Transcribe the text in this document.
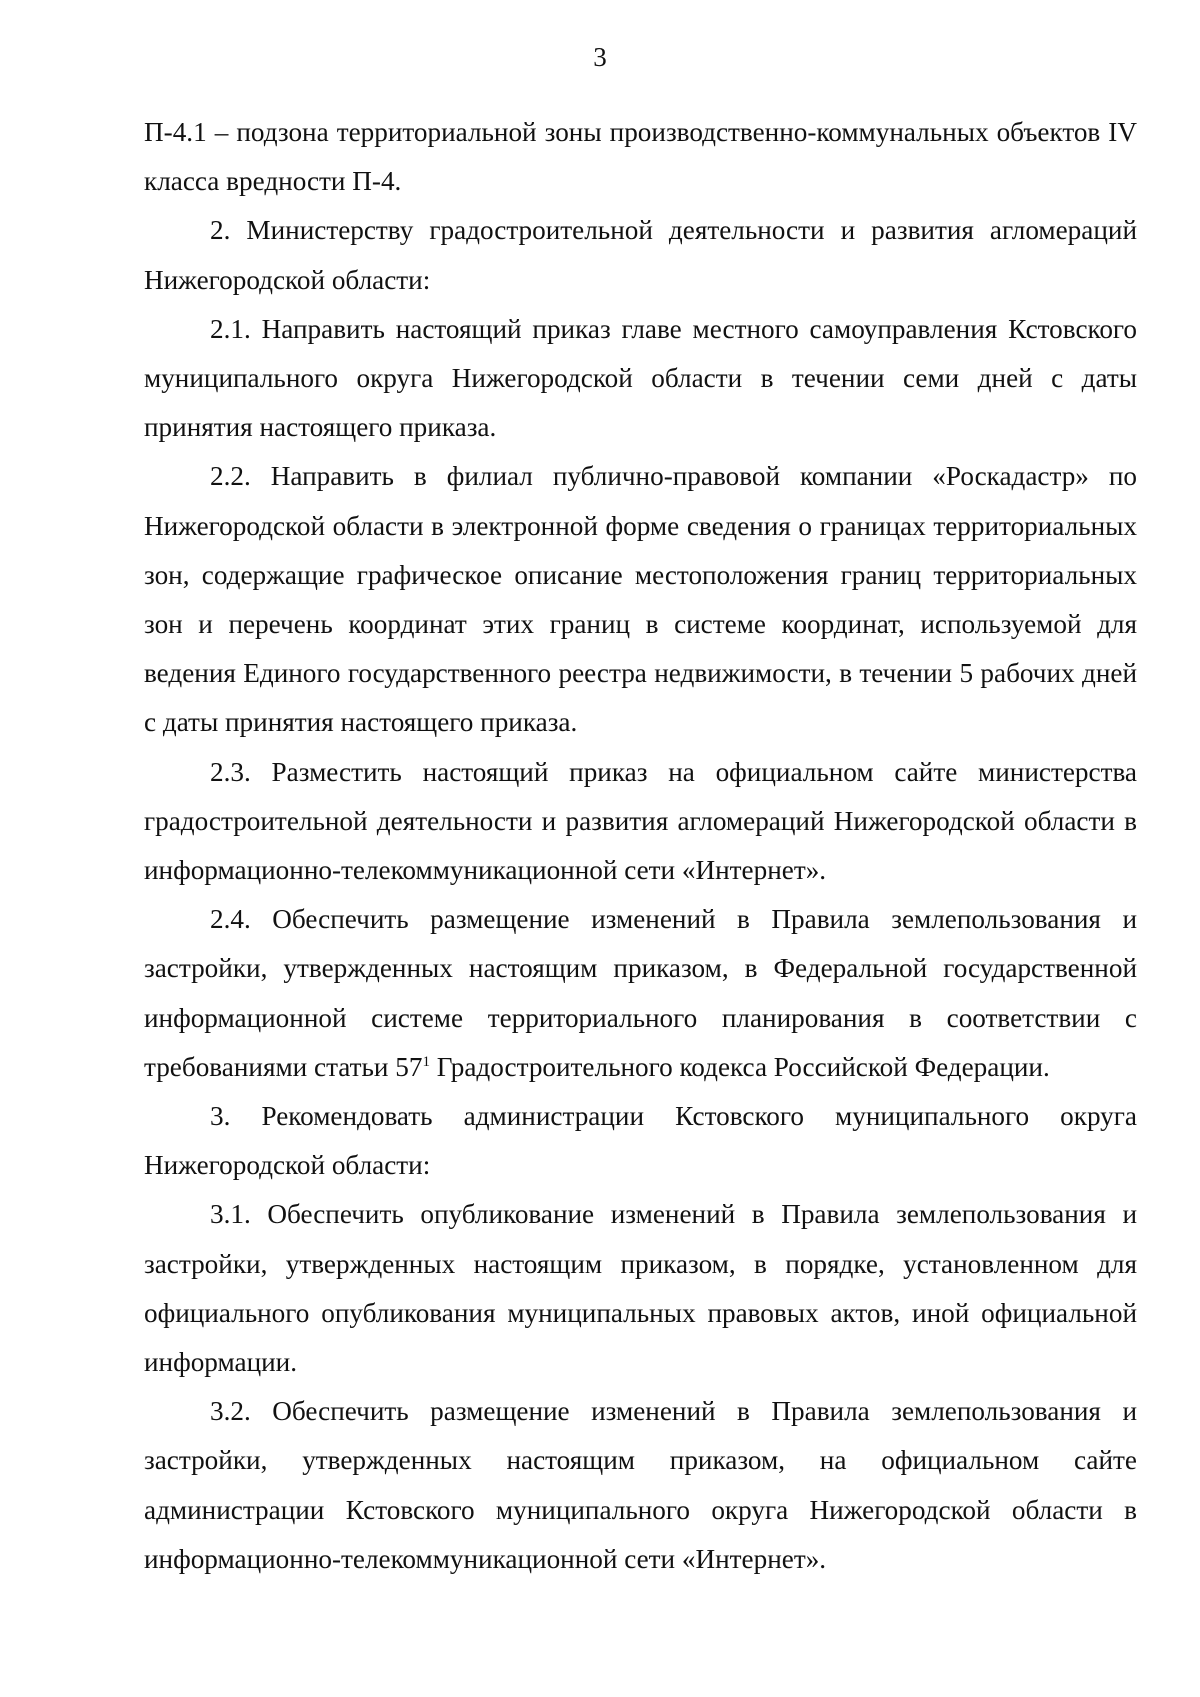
3

П-4.1 – подзона территориальной зоны производственно-коммунальных объектов IV класса вредности П-4.

2. Министерству градостроительной деятельности и развития агломераций Нижегородской области:

2.1. Направить настоящий приказ главе местного самоуправления Кстовского муниципального округа Нижегородской области в течении семи дней с даты принятия настоящего приказа.

2.2. Направить в филиал публично-правовой компании «Роскадастр» по Нижегородской области в электронной форме сведения о границах территориальных зон, содержащие графическое описание местоположения границ территориальных зон и перечень координат этих границ в системе координат, используемой для ведения Единого государственного реестра недвижимости, в течении 5 рабочих дней с даты принятия настоящего приказа.

2.3. Разместить настоящий приказ на официальном сайте министерства градостроительной деятельности и развития агломераций Нижегородской области в информационно-телекоммуникационной сети «Интернет».

2.4. Обеспечить размещение изменений в Правила землепользования и застройки, утвержденных настоящим приказом, в Федеральной государственной информационной системе территориального планирования в соответствии с требованиями статьи $57^1$ Градостроительного кодекса Российской Федерации.

3. Рекомендовать администрации Кстовского муниципального округа Нижегородской области:

3.1. Обеспечить опубликование изменений в Правила землепользования и застройки, утвержденных настоящим приказом, в порядке, установленном для официального опубликования муниципальных правовых актов, иной официальной информации.

3.2. Обеспечить размещение изменений в Правила землепользования и застройки, утвержденных настоящим приказом, на официальном сайте администрации Кстовского муниципального округа Нижегородской области в информационно-телекоммуникационной сети «Интернет».
